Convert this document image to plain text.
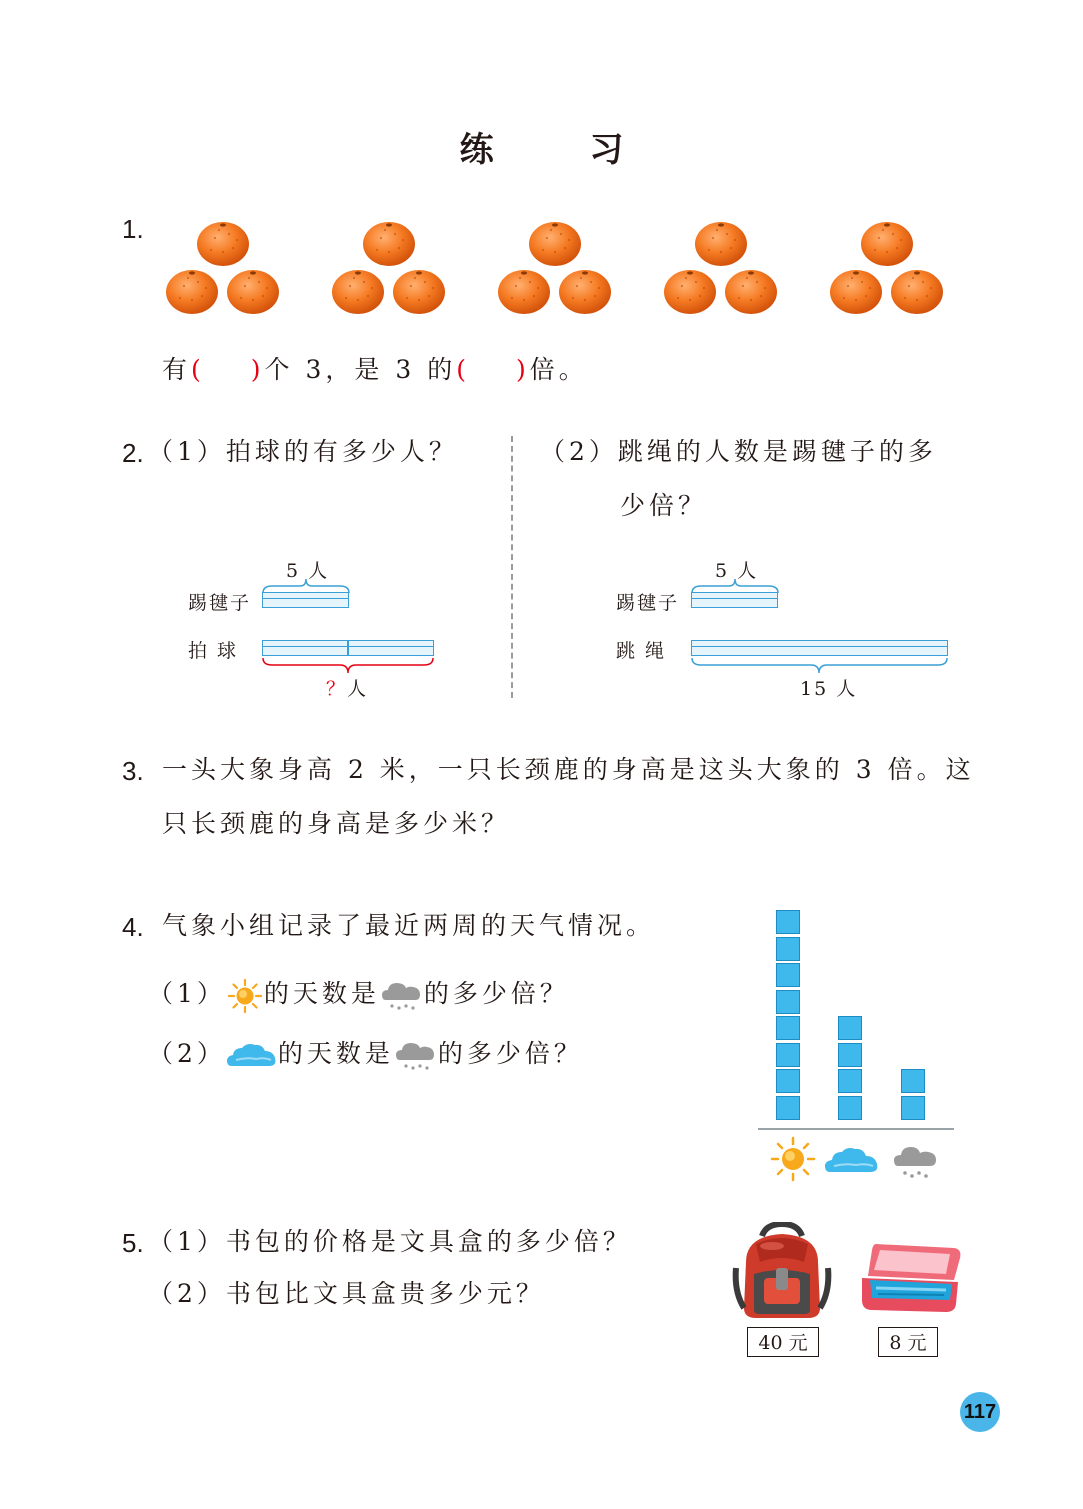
练 习
1.
有( )个 3，是 3 的( )倍。
2. （1）拍球的有多少人？	（2）跳绳的人数是踢毽子的多
少倍？
5 人
踢毽子
拍 球
？人
5 人
踢毽子
跳 绳
15 人
3. 一头大象身高 2 米，一只长颈鹿的身高是这头大象的 3 倍。这
只长颈鹿的身高是多少米？
4. 气象小组记录了最近两周的天气情况。
（1） 的天数是 的多少倍？
（2） 的天数是 的多少倍？
5. （1）书包的价格是文具盒的多少倍？
（2）书包比文具盒贵多少元？
40 元	8 元
117
